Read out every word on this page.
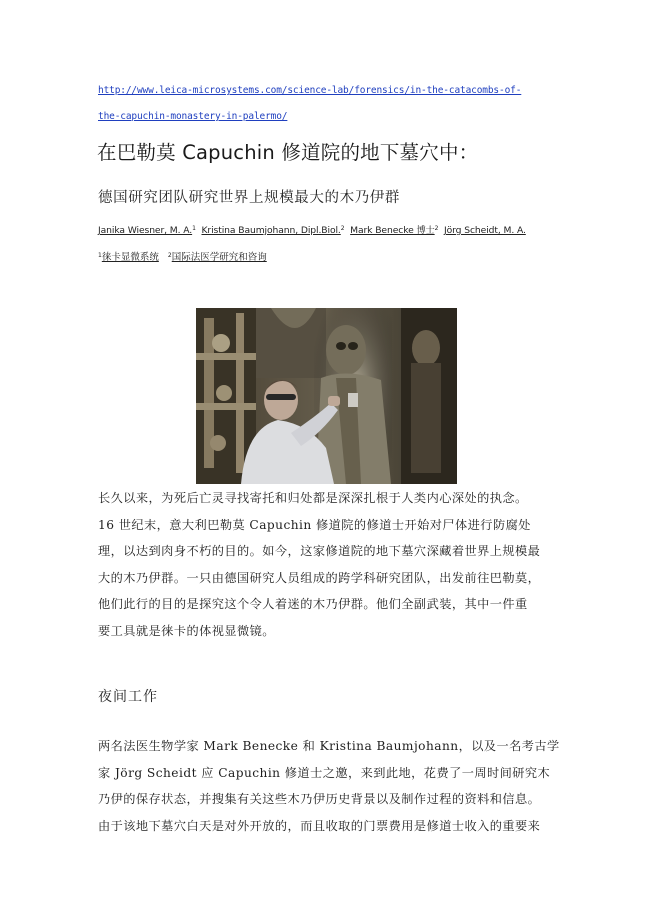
http://www.leica-microsystems.com/science-lab/forensics/in-the-catacombs-of-
the-capuchin-monastery-in-palermo/
在巴勒莫 Capuchin 修道院的地下墓穴中：
德国研究团队研究世界上规模最大的木乃伊群
Janika Wiesner, M. A.$^1$ Kristina Baumjohann, Dipl.Biol.$^2$ Mark Benecke 博士$^2$ Jörg Scheidt, M. A.
$^1$徕卡显微系统 $^2$国际法医学研究和咨询
长久以来，为死后亡灵寻找寄托和归处都是深深扎根于人类内心深处的执念。
16 世纪末，意大利巴勒莫 Capuchin 修道院的修道士开始对尸体进行防腐处
理，以达到肉身不朽的目的。如今，这家修道院的地下墓穴深藏着世界上规模最
大的木乃伊群。一只由德国研究人员组成的跨学科研究团队，出发前往巴勒莫，
他们此行的目的是探究这个令人着迷的木乃伊群。他们全副武装，其中一件重
要工具就是徕卡的体视显微镜。
夜间工作
两名法医生物学家 Mark Benecke 和 Kristina Baumjohann，以及一名考古学
家 Jörg Scheidt 应 Capuchin 修道士之邀，来到此地，花费了一周时间研究木
乃伊的保存状态，并搜集有关这些木乃伊历史背景以及制作过程的资料和信息。
由于该地下墓穴白天是对外开放的，而且收取的门票费用是修道士收入的重要来
